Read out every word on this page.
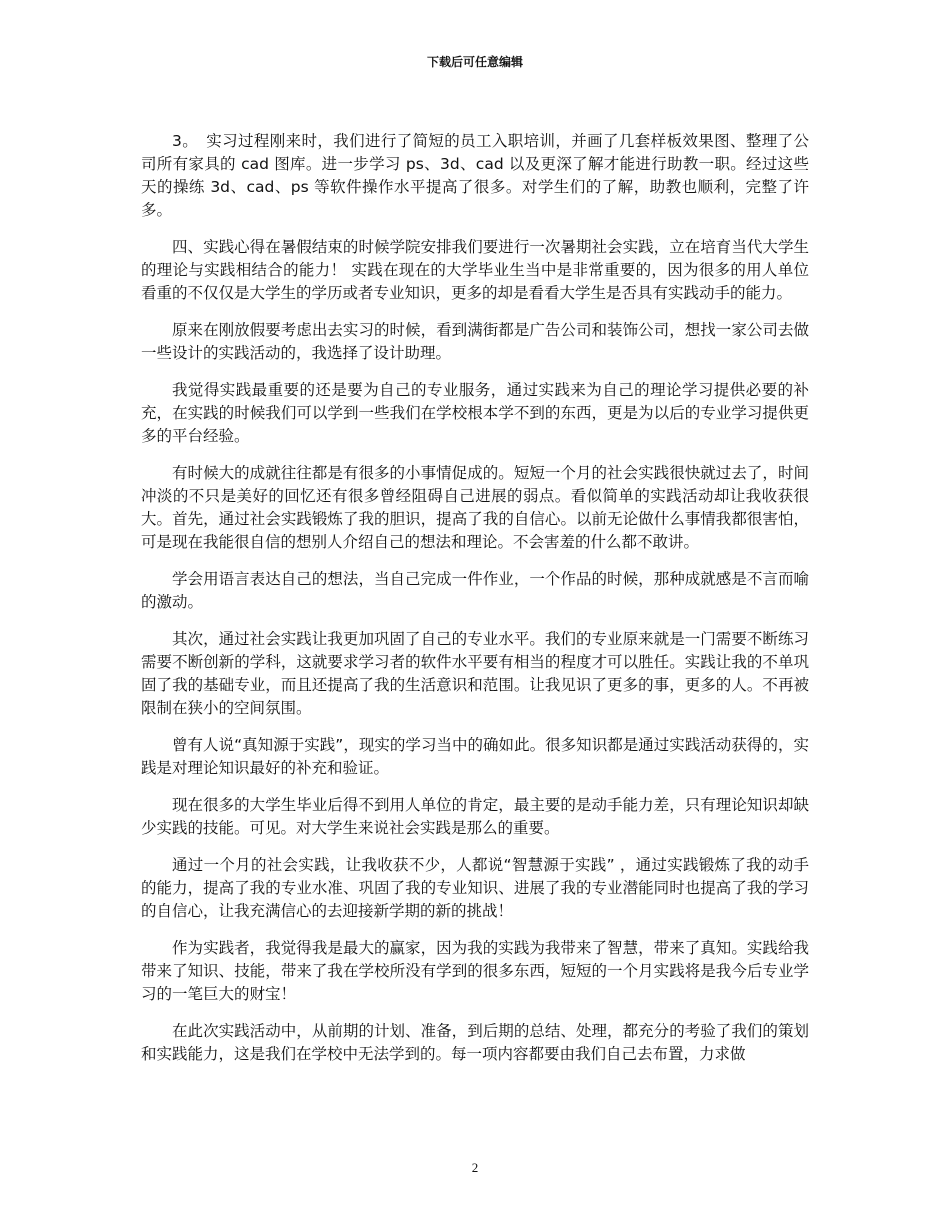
下载后可任意编辑

3。　实习过程刚来时，我们进行了简短的员工入职培训，并画了几套样板效果图、整理了公司所有家具的 cad 图库。进一步学习 ps、3d、cad 以及更深了解才能进行助教一职。经过这些天的操练 3d、cad、ps 等软件操作水平提高了很多。对学生们的了解，助教也顺利，完整了许多。

四、实践心得在暑假结束的时候学院安排我们要进行一次暑期社会实践，立在培育当代大学生的理论与实践相结合的能力！ 实践在现在的大学毕业生当中是非常重要的，因为很多的用人单位看重的不仅仅是大学生的学历或者专业知识，更多的却是看看大学生是否具有实践动手的能力。

原来在刚放假要考虑出去实习的时候，看到满街都是广告公司和装饰公司，想找一家公司去做一些设计的实践活动的，我选择了设计助理。

我觉得实践最重要的还是要为自己的专业服务，通过实践来为自己的理论学习提供必要的补充，在实践的时候我们可以学到一些我们在学校根本学不到的东西，更是为以后的专业学习提供更多的平台经验。

有时候大的成就往往都是有很多的小事情促成的。短短一个月的社会实践很快就过去了，时间冲淡的不只是美好的回忆还有很多曾经阻碍自己进展的弱点。看似简单的实践活动却让我收获很大。首先，通过社会实践锻炼了我的胆识，提高了我的自信心。以前无论做什么事情我都很害怕，可是现在我能很自信的想别人介绍自己的想法和理论。不会害羞的什么都不敢讲。

学会用语言表达自己的想法，当自己完成一件作业，一个作品的时候，那种成就感是不言而喻的激动。

其次，通过社会实践让我更加巩固了自己的专业水平。我们的专业原来就是一门需要不断练习需要不断创新的学科，这就要求学习者的软件水平要有相当的程度才可以胜任。实践让我的不单巩固了我的基础专业，而且还提高了我的生活意识和范围。让我见识了更多的事，更多的人。不再被限制在狭小的空间氛围。

曾有人说“真知源于实践”，现实的学习当中的确如此。很多知识都是通过实践活动获得的，实践是对理论知识最好的补充和验证。

现在很多的大学生毕业后得不到用人单位的肯定，最主要的是动手能力差，只有理论知识却缺少实践的技能。可见。对大学生来说社会实践是那么的重要。

通过一个月的社会实践，让我收获不少，人都说“智慧源于实践” ，通过实践锻炼了我的动手的能力，提高了我的专业水准、巩固了我的专业知识、进展了我的专业潜能同时也提高了我的学习的自信心，让我充满信心的去迎接新学期的新的挑战！

作为实践者，我觉得我是最大的赢家，因为我的实践为我带来了智慧，带来了真知。实践给我带来了知识、技能，带来了我在学校所没有学到的很多东西，短短的一个月实践将是我今后专业学习的一笔巨大的财宝！

在此次实践活动中，从前期的计划、准备，到后期的总结、处理，都充分的考验了我们的策划和实践能力，这是我们在学校中无法学到的。每一项内容都要由我们自己去布置，力求做

2
